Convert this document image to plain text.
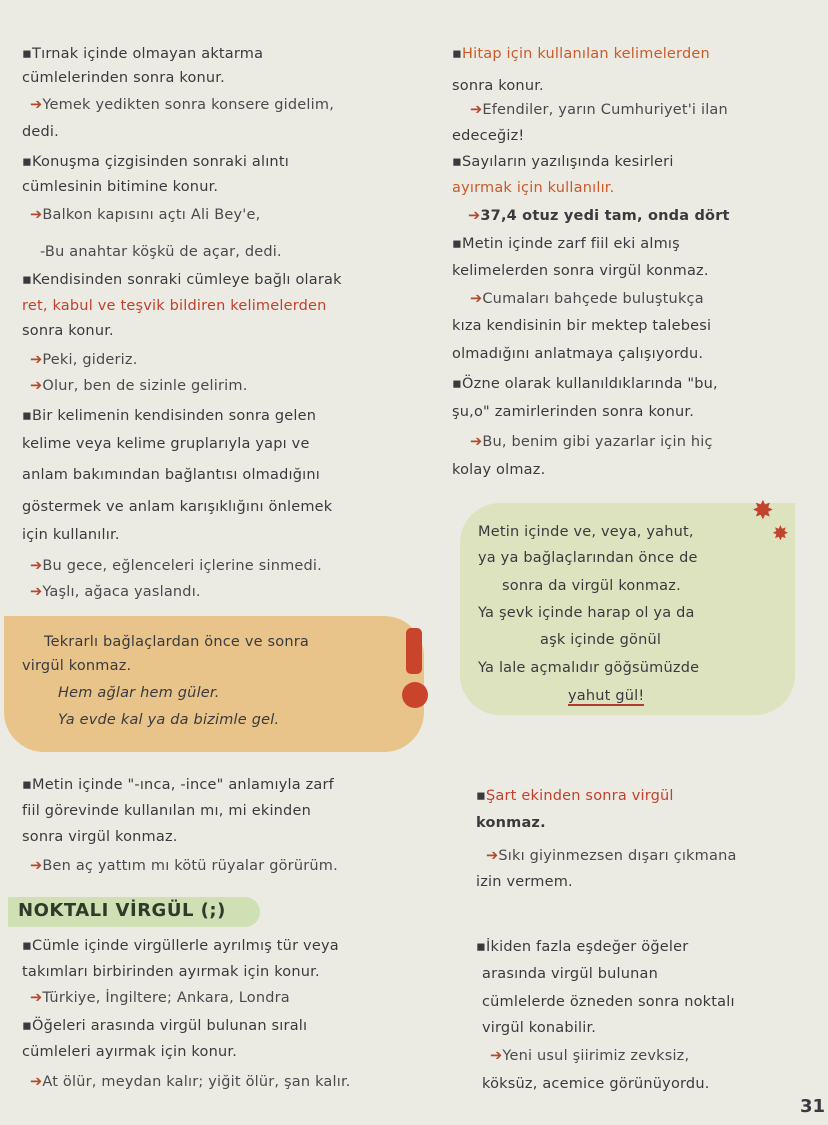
▪Tırnak içinde olmayan aktarma
cümlelerinden sonra konur.
➔Yemek yedikten sonra konsere gidelim,
dedi.
▪Konuşma çizgisinden sonraki alıntı
cümlesinin bitimine konur.
➔Balkon kapısını açtı Ali Bey'e,
-Bu anahtar köşkü de açar, dedi.
▪Kendisinden sonraki cümleye bağlı olarak
ret, kabul ve teşvik bildiren kelimelerden
sonra konur.
➔Peki, gideriz.
➔Olur, ben de sizinle gelirim.
▪Bir kelimenin kendisinden sonra gelen
kelime veya kelime gruplarıyla yapı ve
anlam bakımından bağlantısı olmadığını
göstermek ve anlam karışıklığını önlemek
için kullanılır.
➔Bu gece, eğlenceleri içlerine sinmedi.
➔Yaşlı, ağaca yaslandı.
▪Hitap için kullanılan kelimelerden
sonra konur.
➔Efendiler, yarın Cumhuriyet'i ilan
edeceğiz!
▪Sayıların yazılışında kesirleri
ayırmak için kullanılır.
➔37,4 otuz yedi tam, onda dört
▪Metin içinde zarf fiil eki almış
kelimelerden sonra virgül konmaz.
➔Cumaları bahçede buluştukça
kıza kendisinin bir mektep talebesi
olmadığını anlatmaya çalışıyordu.
▪Özne olarak kullanıldıklarında "bu,
şu,o" zamirlerinden sonra konur.
➔Bu, benim gibi yazarlar için hiç
kolay olmaz.
✸
✸
Metin içinde ve, veya, yahut,
ya ya bağlaçlarından önce de
sonra da virgül konmaz.
Ya şevk içinde harap ol ya da
aşk içinde gönül
Ya lale açmalıdır göğsümüzde
yahut gül!
Tekrarlı bağlaçlardan önce ve sonra
virgül konmaz.
Hem ağlar hem güler.
Ya evde kal ya da bizimle gel.
▪Metin içinde "-ınca, -ince" anlamıyla zarf
fiil görevinde kullanılan mı, mi ekinden
sonra virgül konmaz.
➔Ben aç yattım mı kötü rüyalar görürüm.
▪Şart ekinden sonra virgül
konmaz.
➔Sıkı giyinmezsen dışarı çıkmana
izin vermem.
NOKTALI VİRGÜL (;)
▪Cümle içinde virgüllerle ayrılmış tür veya
takımları birbirinden ayırmak için konur.
➔Türkiye, İngiltere; Ankara, Londra
▪Öğeleri arasında virgül bulunan sıralı
cümleleri ayırmak için konur.
➔At ölür, meydan kalır; yiğit ölür, şan kalır.
▪İkiden fazla eşdeğer öğeler
arasında virgül bulunan
cümlelerde özneden sonra noktalı
virgül konabilir.
➔Yeni usul şiirimiz zevksiz,
köksüz, acemice görünüyordu.
31
